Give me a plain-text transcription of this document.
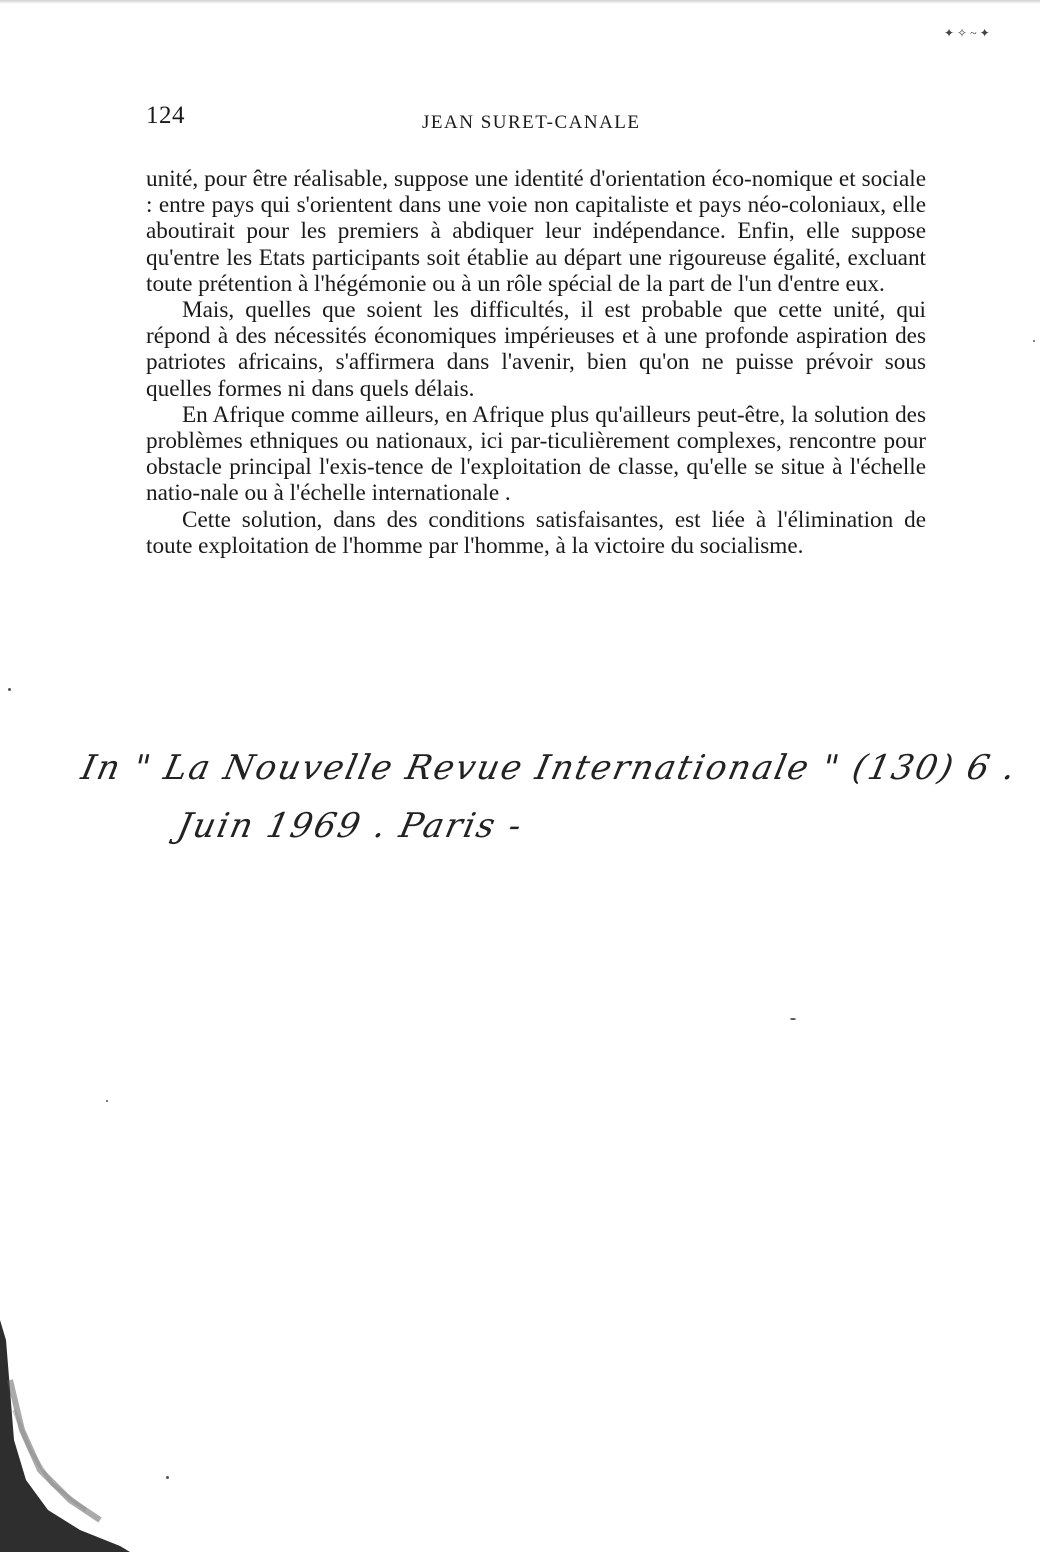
✦ ✧ ~ ✦
124	JEAN SURET-CANALE

unité, pour être réalisable, suppose une identité d'orientation éco-nomique et sociale : entre pays qui s'orientent dans une voie non capitaliste et pays néo-coloniaux, elle aboutirait pour les premiers à abdiquer leur indépendance. Enfin, elle suppose qu'entre les Etats participants soit établie au départ une rigoureuse égalité, excluant toute prétention à l'hégémonie ou à un rôle spécial de la part de l'un d'entre eux.

Mais, quelles que soient les difficultés, il est probable que cette unité, qui répond à des nécessités économiques impérieuses et à une profonde aspiration des patriotes africains, s'affirmera dans l'avenir, bien qu'on ne puisse prévoir sous quelles formes ni dans quels délais.

En Afrique comme ailleurs, en Afrique plus qu'ailleurs peut-être, la solution des problèmes ethniques ou nationaux, ici par-ticulièrement complexes, rencontre pour obstacle principal l'exis-tence de l'exploitation de classe, qu'elle se situe à l'échelle natio-nale ou à l'échelle internationale .

Cette solution, dans des conditions satisfaisantes, est liée à l'élimination de toute exploitation de l'homme par l'homme, à la victoire du socialisme.

In " La Nouvelle Revue Internationale " (130) 6 .
Juin 1969 . Paris -
